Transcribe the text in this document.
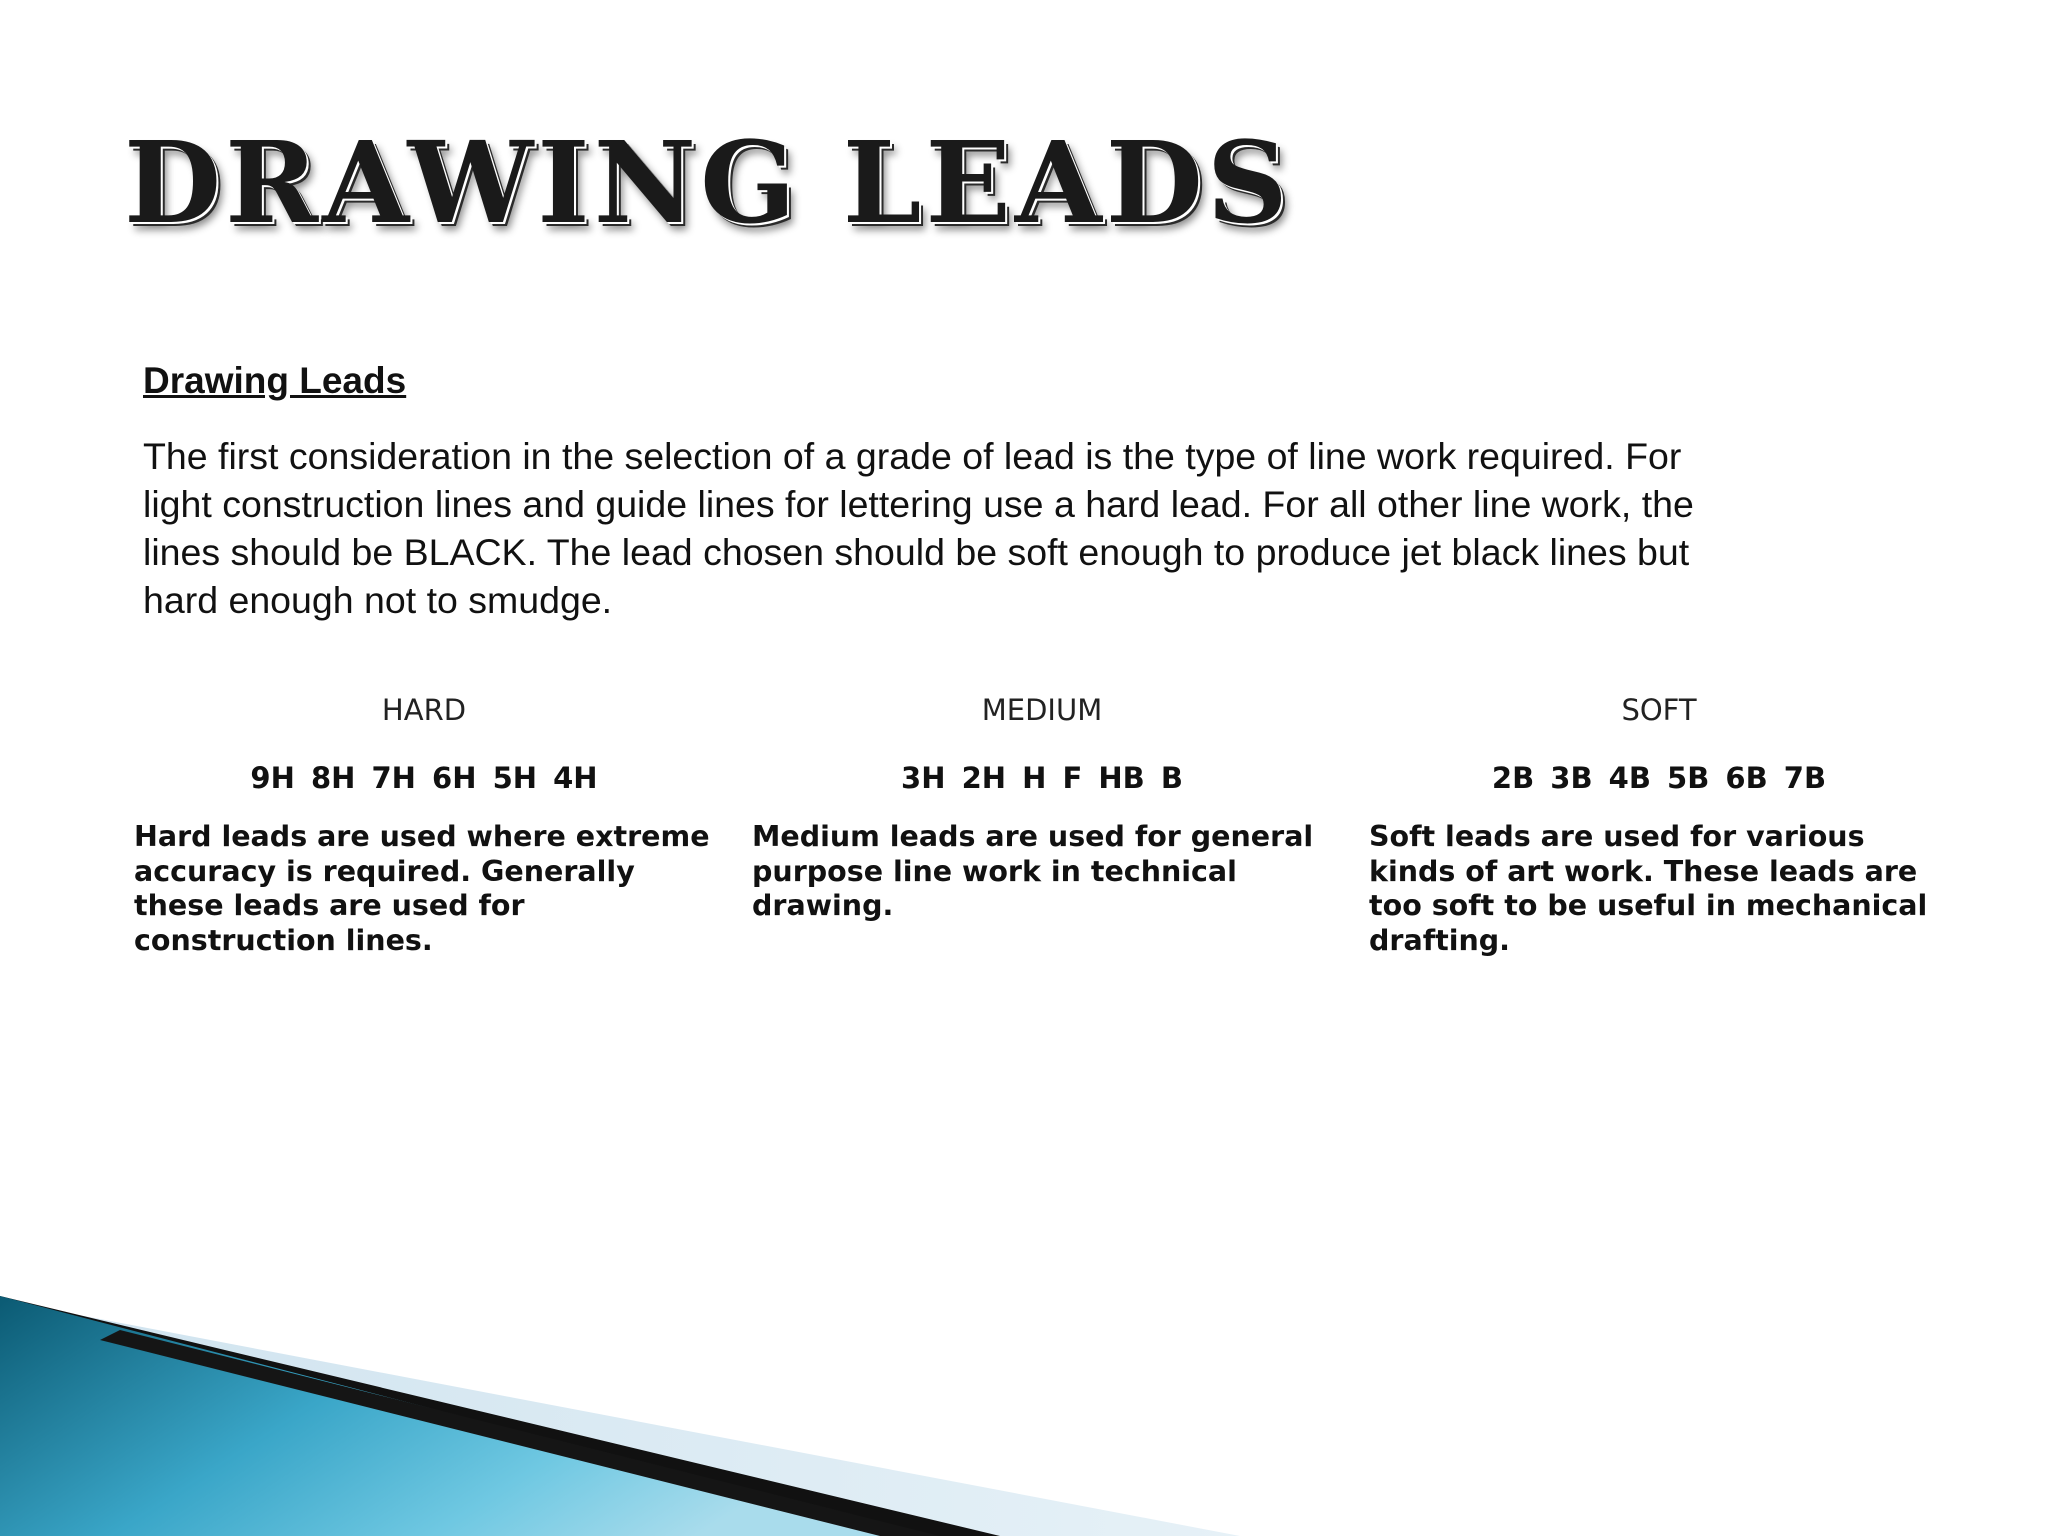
DRAWING LEADS
Drawing Leads
The first consideration in the selection of a grade of lead is the type of line work required. For
light construction lines and guide lines for lettering use a hard lead. For all other line work, the
lines should be BLACK. The lead chosen should be soft enough to produce jet black lines but
hard enough not to smudge.
HARD
9H 8H 7H 6H 5H 4H
Hard leads are used where extreme
accuracy is required. Generally
these leads are used for
construction lines.
MEDIUM
3H 2H H F HB B
Medium leads are used for general
purpose line work in technical
drawing.
SOFT
2B 3B 4B 5B 6B 7B
Soft leads are used for various
kinds of art work. These leads are
too soft to be useful in mechanical
drafting.
